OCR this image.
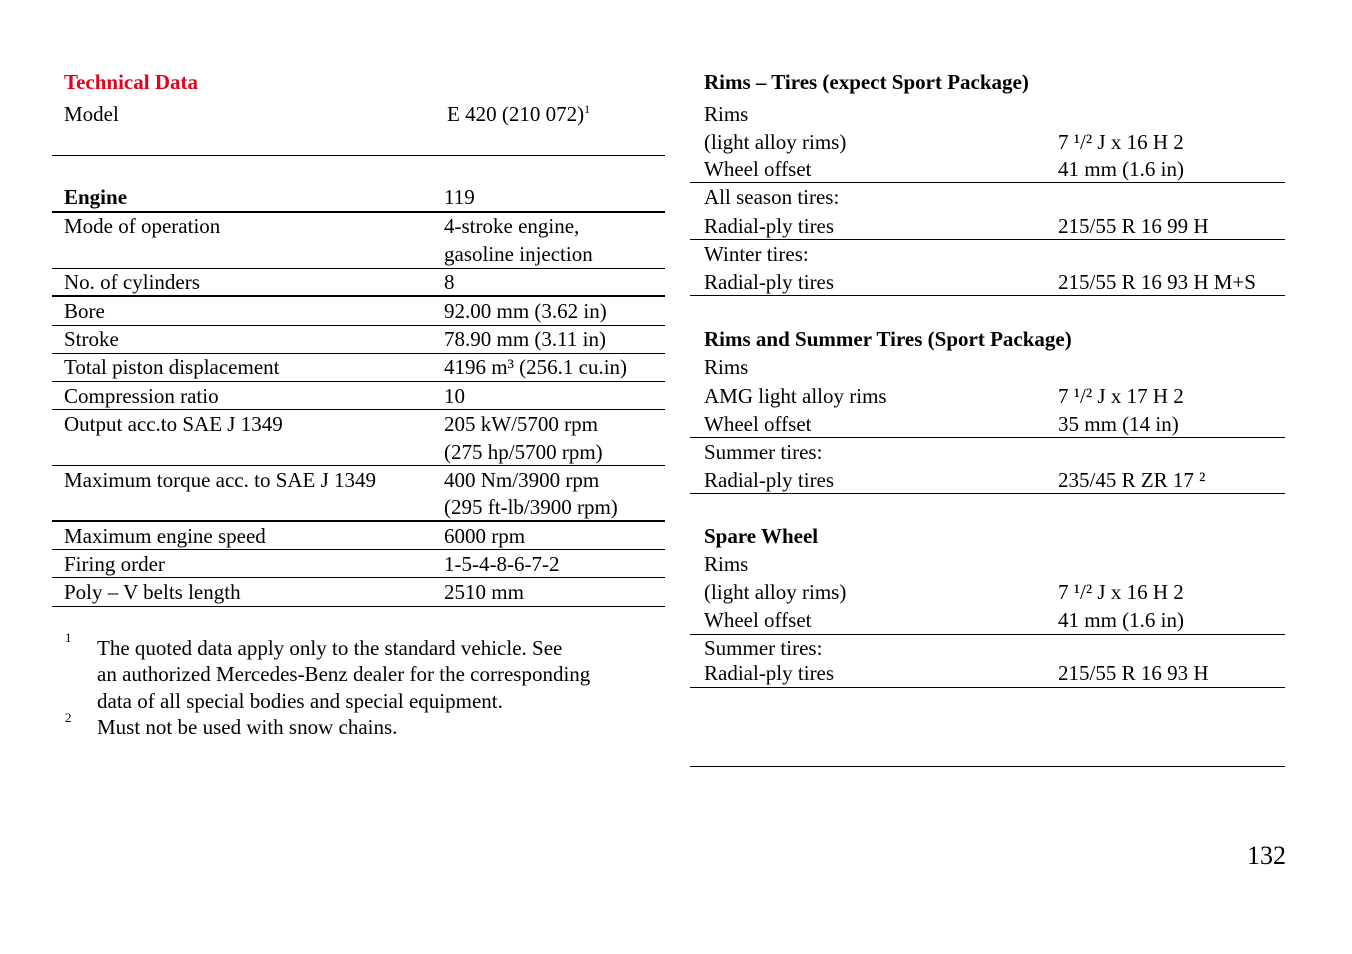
Technical Data
Model	E 420 (210 072)$^1$
Engine	119
Mode of operation	4-stroke engine,
gasoline injection
No. of cylinders	8
Bore	92.00 mm (3.62 in)
Stroke	78.90 mm (3.11 in)
Total piston displacement	4196 m³ (256.1 cu.in)
Compression ratio	10
Output acc.to SAE J 1349	205 kW/5700 rpm
(275 hp/5700 rpm)
Maximum torque acc. to SAE J 1349	400 Nm/3900 rpm
(295 ft-lb/3900 rpm)
Maximum engine speed	6000 rpm
Firing order	1-5-4-8-6-7-2
Poly – V belts length	2510 mm
1 The quoted data apply only to the standard vehicle. See
an authorized Mercedes-Benz dealer for the corresponding
data of all special bodies and special equipment.
2 Must not be used with snow chains.
Rims – Tires (expect Sport Package)
Rims
(light alloy rims)	7 ¹/² J x 16 H 2
Wheel offset	41 mm (1.6 in)
All season tires:
Radial-ply tires	215/55 R 16 99 H
Winter tires:
Radial-ply tires	215/55 R 16 93 H M+S
Rims and Summer Tires (Sport Package)
Rims
AMG light alloy rims	7 ¹/² J x 17 H 2
Wheel offset	35 mm (14 in)
Summer tires:
Radial-ply tires	235/45 R ZR 17 ²
Spare Wheel
Rims
(light alloy rims)	7 ¹/² J x 16 H 2
Wheel offset	41 mm (1.6 in)
Summer tires:
Radial-ply tires	215/55 R 16 93 H
132
